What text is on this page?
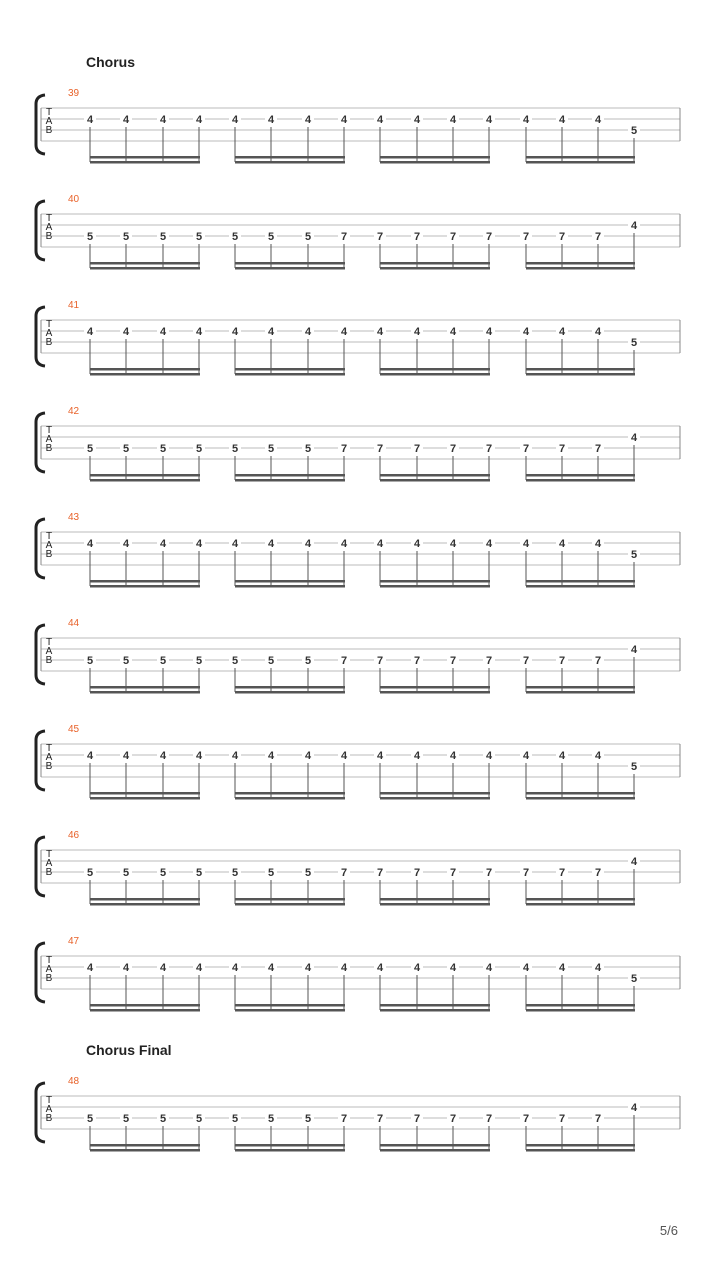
Chorus
Chorus Final
39
T
A
B
4	4	4	4	4	4	4	4	4	4	4	4	4	4	4
5
40
T
A
B	5	5	5	5	5	5	5	7	7	7	7	7	7	7	7
4
41
T
A
B
4	4	4	4	4	4	4	4	4	4	4	4	4	4	4
5
42
T
A
B	5	5	5	5	5	5	5	7	7	7	7	7	7	7	7
4
43
T
A
B
4	4	4	4	4	4	4	4	4	4	4	4	4	4	4
5
44
T
A
B	5	5	5	5	5	5	5	7	7	7	7	7	7	7	7
4
45
T
A
B
4	4	4	4	4	4	4	4	4	4	4	4	4	4	4
5
46
T
A
B	5	5	5	5	5	5	5	7	7	7	7	7	7	7	7
4
47
T
A
B
4	4	4	4	4	4	4	4	4	4	4	4	4	4	4
5
48
T
A
B	5	5	5	5	5	5	5	7	7	7	7	7	7	7	7
4
5/6
